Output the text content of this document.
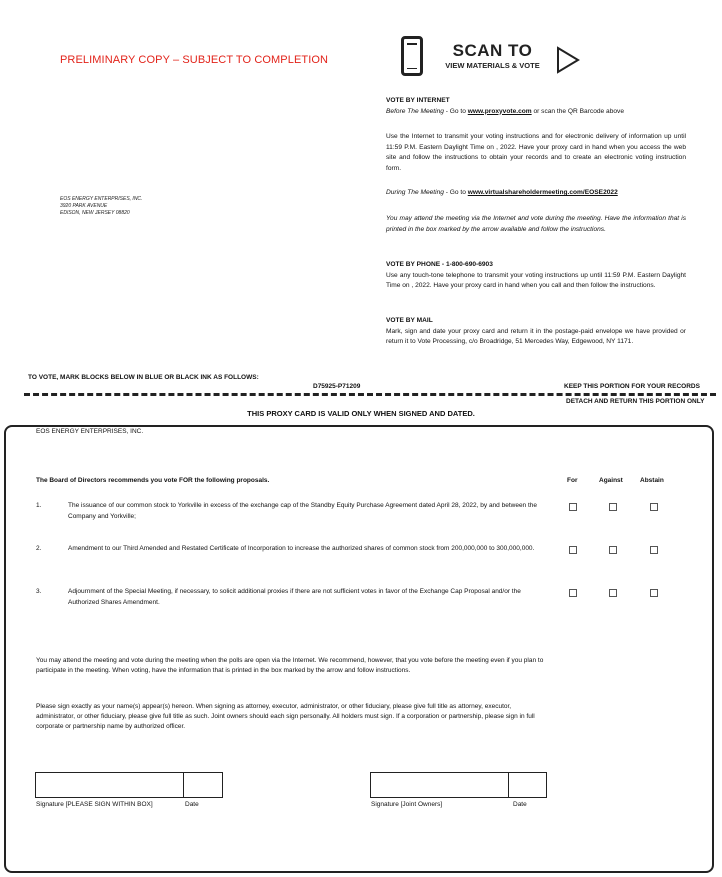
PRELIMINARY COPY – SUBJECT TO COMPLETION
EOS ENERGY ENTERPRISES, INC.
3920 PARK AVENUE
EDISON, NEW JERSEY 08820
SCAN TO
VIEW MATERIALS & VOTE

VOTE BY INTERNET

Before The Meeting - Go to www.proxyvote.com or scan the QR Barcode above

Use the Internet to transmit your voting instructions and for electronic delivery of information up until 11:59 P.M. Eastern Daylight Time on , 2022. Have your proxy card in hand when you access the web site and follow the instructions to obtain your records and to create an electronic voting instruction form.

During The Meeting - Go to www.virtualshareholdermeeting.com/EOSE2022

You may attend the meeting via the Internet and vote during the meeting. Have the information that is printed in the box marked by the arrow available and follow the instructions.

VOTE BY PHONE - 1-800-690-6903

Use any touch-tone telephone to transmit your voting instructions up until 11:59 P.M. Eastern Daylight Time on , 2022. Have your proxy card in hand when you call and then follow the instructions.

VOTE BY MAIL

Mark, sign and date your proxy card and return it in the postage-paid envelope we have provided or return it to Vote Processing, c/o Broadridge, 51 Mercedes Way, Edgewood, NY 1171.

TO VOTE, MARK BLOCKS BELOW IN BLUE OR BLACK INK AS FOLLOWS:
D75925-P71209	KEEP THIS PORTION FOR YOUR RECORDS
DETACH AND RETURN THIS PORTION ONLY
THIS PROXY CARD IS VALID ONLY WHEN SIGNED AND DATED.
EOS ENERGY ENTERPRISES, INC.
The Board of Directors recommends you vote FOR the following proposals.	For	Against	Abstain
1.	The issuance of our common stock to Yorkville in excess of the exchange cap of the Standby Equity Purchase Agreement dated April 28, 2022, by and between the Company and Yorkville;
2.	Amendment to our Third Amended and Restated Certificate of Incorporation to increase the authorized shares of common stock from 200,000,000 to 300,000,000.
3.	Adjournment of the Special Meeting, if necessary, to solicit additional proxies if there are not sufficient votes in favor of the Exchange Cap Proposal and/or the Authorized Shares Amendment.
You may attend the meeting and vote during the meeting when the polls are open via the Internet. We recommend, however, that you vote before the meeting even if you plan to participate in the meeting. When voting, have the information that is printed in the box marked by the arrow and follow instructions.
Please sign exactly as your name(s) appear(s) hereon. When signing as attorney, executor, administrator, or other fiduciary, please give full title as attorney, executor, administrator, or other fiduciary, please give full title as such. Joint owners should each sign personally. All holders must sign. If a corporation or partnership, please sign in full corporate or partnership name by authorized officer.
Signature [PLEASE SIGN WITHIN BOX]	Date	Signature [Joint Owners]	Date
